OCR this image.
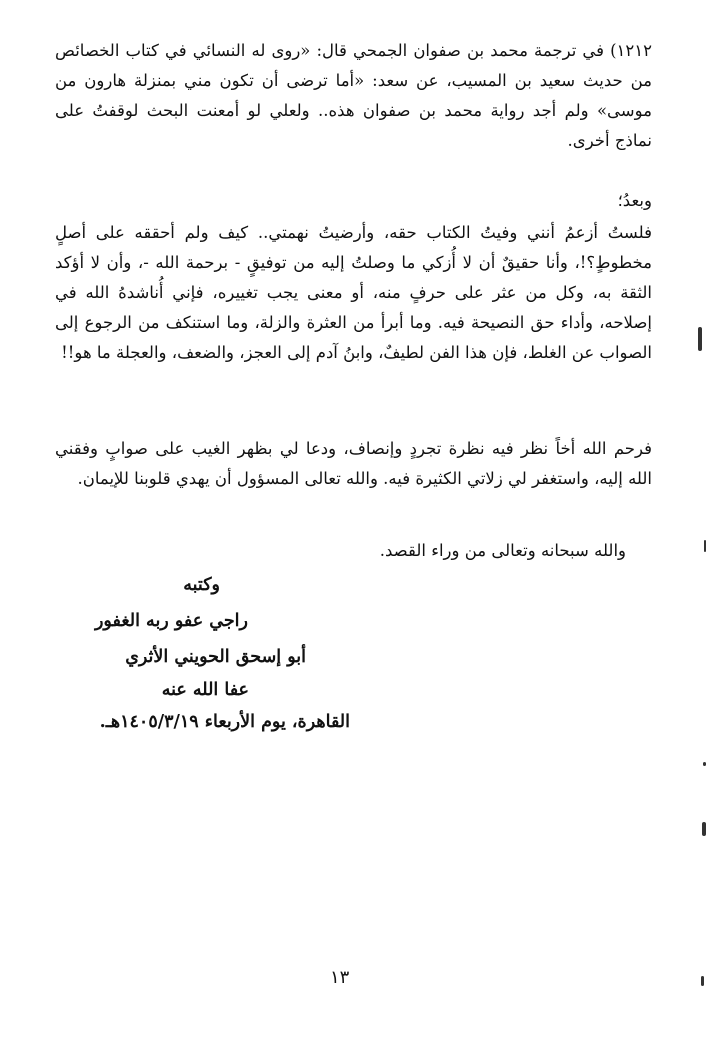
١٢١٢) في ترجمة محمد بن صفوان الجمحي قال: «روى له النسائي في كتاب الخصائص من حديث سعيد بن المسيب، عن سعد: «أما ترضى أن تكون مني بمنزلة هارون من موسى» ولم أجد رواية محمد بن صفوان هذه.. ولعلي لو أمعنت البحث لوقفتُ على نماذج أخرى.

وبعدُ؛

فلستُ أزعمُ أنني وفيتُ الكتاب حقه، وأرضيتُ نهمتي.. كيف ولم أحققه على أصلٍ مخطوطٍ؟!، وأنا حقيقٌ أن لا أُزكي ما وصلتُ إليه من توفيقٍ - برحمة الله -، وأن لا أؤكد الثقة به، وكل من عثر على حرفٍ منه، أو معنى يجب تغييره، فإني أُناشدهُ الله في إصلاحه، وأداء حق النصيحة فيه. وما أبرأ من العثرة والزلة، وما استنكف من الرجوع إلى الصواب عن الغلط، فإن هذا الفن لطيفٌ، وابنُ آدم إلى العجز، والضعف، والعجلة ما هو!!

فرحم الله أخاً نظر فيه نظرة تجردٍ وإنصاف، ودعا لي بظهر الغيب على صوابٍ وفقني الله إليه، واستغفر لي زلاتي الكثيرة فيه. والله تعالى المسؤول أن يهدي قلوبنا للإيمان.

والله سبحانه وتعالى من وراء القصد.

وكتبه

راجي عفو ربه الغفور

أبو إسحق الحويني الأثري

عفا الله عنه

القاهرة، يوم الأربعاء ١٤٠٥/٣/١٩هـ.

١٣
